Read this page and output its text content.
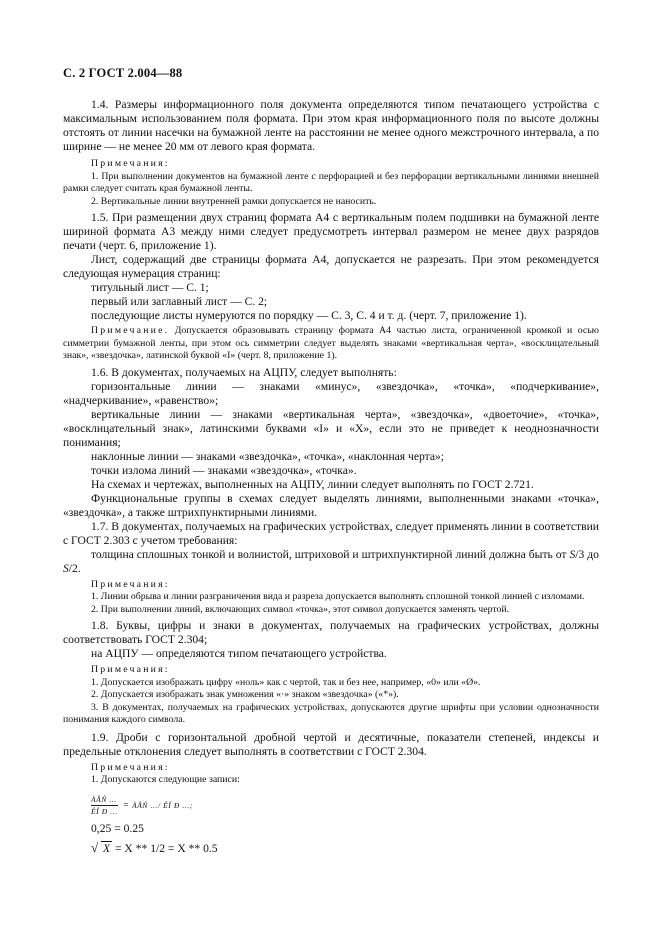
С. 2 ГОСТ 2.004—88

1.4. Размеры информационного поля документа определяются типом печатающего устройства с максимальным использованием поля формата. При этом края информационного поля по высоте должны отстоять от линии насечки на бумажной ленте на расстоянии не менее одного межстрочного интервала, а по ширине — не менее 20 мм от левого края формата.

Примечания:

1. При выполнении документов на бумажной ленте с перфорацией и без перфорации вертикальными линиями внешней рамки следует считать края бумажной ленты.

2. Вертикальные линии внутренней рамки допускается не наносить.

1.5. При размещении двух страниц формата А4 с вертикальным полем подшивки на бумажной ленте шириной формата А3 между ними следует предусмотреть интервал размером не менее двух разрядов печати (черт. 6, приложение 1).

Лист, содержащий две страницы формата А4, допускается не разрезать. При этом рекомендуется следующая нумерация страниц:

титульный лист — С. 1;

первый или заглавный лист — С. 2;

последующие листы нумеруются по порядку — С. 3, С. 4 и т. д. (черт. 7, приложение 1).

Примечание. Допускается образовывать страницу формата А4 частью листа, ограниченной кромкой и осью симметрии бумажной ленты, при этом ось симметрии следует выделять знаками «вертикальная черта», «восклицательный знак», «звездочка», латинской буквой «I» (черт. 8, приложение 1).

1.6. В документах, получаемых на АЦПУ, следует выполнять:

горизонтальные линии — знаками «минус», «звездочка», «точка», «подчеркивание», «надчеркивание», «равенство»;

вертикальные линии — знаками «вертикальная черта», «звездочка», «двоеточие», «точка», «восклицательный знак», латинскими буквами «I» и «X», если это не приведет к неоднозначности понимания;

наклонные линии — знаками «звездочка», «точка», «наклонная черта»;

точки излома линий — знаками «звездочка», «точка».

На схемах и чертежах, выполненных на АЦПУ, линии следует выполнять по ГОСТ 2.721.

Функциональные группы в схемах следует выделять линиями, выполненными знаками «точка», «звездочка», а также штрихпунктирными линиями.

1.7. В документах, получаемых на графических устройствах, следует применять линии в соответствии с ГОСТ 2.303 с учетом требования:

толщина сплошных тонкой и волнистой, штриховой и штрихпунктирной линий должна быть от S/3 до S/2.

Примечания:

1. Линии обрыва и линии разграничения вида и разреза допускается выполнять сплошной тонкой линией с изломами.

2. При выполнении линий, включающих символ «точка», этот символ допускается заменять чертой.

1.8. Буквы, цифры и знаки в документах, получаемых на графических устройствах, должны соответствовать ГОСТ 2.304;

на АЦПУ — определяются типом печатающего устройства.

Примечания:

1. Допускается изображать цифру «ноль» как с чертой, так и без нее, например, «0» или «Ø».

2. Допускается изображать знак умножения «·» знаком «звездочка» («*»).

3. В документах, получаемых на графических устройствах, допускаются другие шрифты при условии однозначности понимания каждого символа.

1.9. Дроби с горизонтальной дробной чертой и десятичные, показатели степеней, индексы и предельные отклонения следует выполнять в соответствии с ГОСТ 2.304.

Примечания:

1. Допускаются следующие записи:

$\frac{\text{ÀÂÑ ...}}{\text{ÊÎ Ð ...}}$ = ÀÂÑ .../ ÊÎ Ð ...;

0,25 = 0.25

√ X = X ** 1/2 = X ** 0.5
